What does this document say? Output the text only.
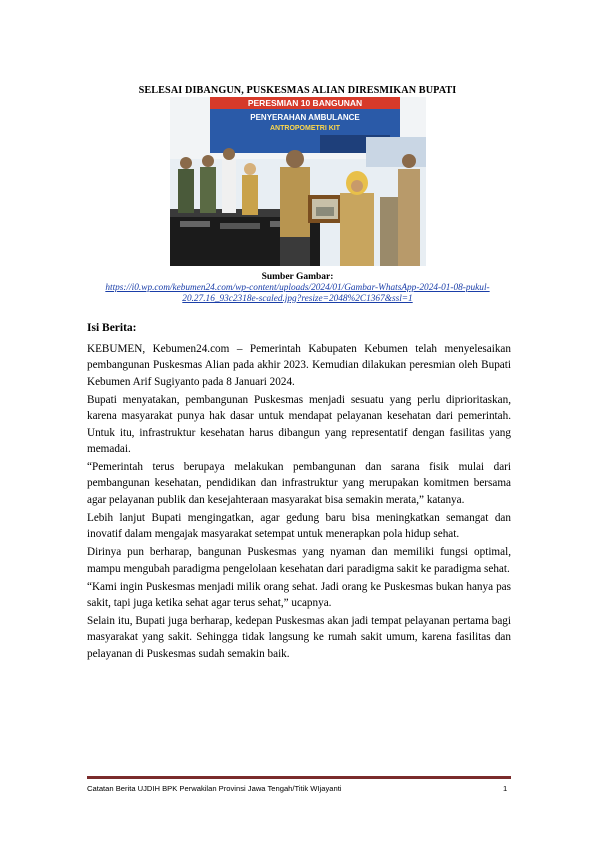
SELESAI DIBANGUN, PUSKESMAS ALIAN DIRESMIKAN BUPATI
PERESMIAN 10 BANGUNAN
PENYERAHAN AMBULANCE
ANTROPOMETRI KIT
Sumber Gambar:
https://i0.wp.com/kebumen24.com/wp-content/uploads/2024/01/Gambar-WhatsApp-2024-01-08-pukul-20.27.16_93c2318e-scaled.jpg?resize=2048%2C1367&ssl=1
Isi Berita:

KEBUMEN, Kebumen24.com – Pemerintah Kabupaten Kebumen telah menyelesaikan pembangunan Puskesmas Alian pada akhir 2023. Kemudian dilakukan peresmian oleh Bupati Kebumen Arif Sugiyanto pada 8 Januari 2024.

Bupati menyatakan, pembangunan Puskesmas menjadi sesuatu yang perlu diprioritaskan, karena masyarakat punya hak dasar untuk mendapat pelayanan kesehatan dari pemerintah. Untuk itu, infrastruktur kesehatan harus dibangun yang representatif dengan fasilitas yang memadai.

“Pemerintah terus berupaya melakukan pembangunan dan sarana fisik mulai dari pembangunan kesehatan, pendidikan dan infrastruktur yang merupakan komitmen bersama agar pelayanan publik dan kesejahteraan masyarakat bisa semakin merata,” katanya.

Lebih lanjut Bupati mengingatkan, agar gedung baru bisa meningkatkan semangat dan inovatif dalam mengajak masyarakat setempat untuk menerapkan pola hidup sehat.

Dirinya pun berharap, bangunan Puskesmas yang nyaman dan memiliki fungsi optimal, mampu mengubah paradigma pengelolaan kesehatan dari paradigma sakit ke paradigma sehat.

“Kami ingin Puskesmas menjadi milik orang sehat. Jadi orang ke Puskesmas bukan hanya pas sakit, tapi juga ketika sehat agar terus sehat,” ucapnya.

Selain itu, Bupati juga berharap, kedepan Puskesmas akan jadi tempat pelayanan pertama bagi masyarakat yang sakit. Sehingga tidak langsung ke rumah sakit umum, karena fasilitas dan pelayanan di Puskesmas sudah semakin baik.

Catatan Berita UJDIH BPK Perwakilan Provinsi Jawa Tengah/Titik WIjayanti	1
